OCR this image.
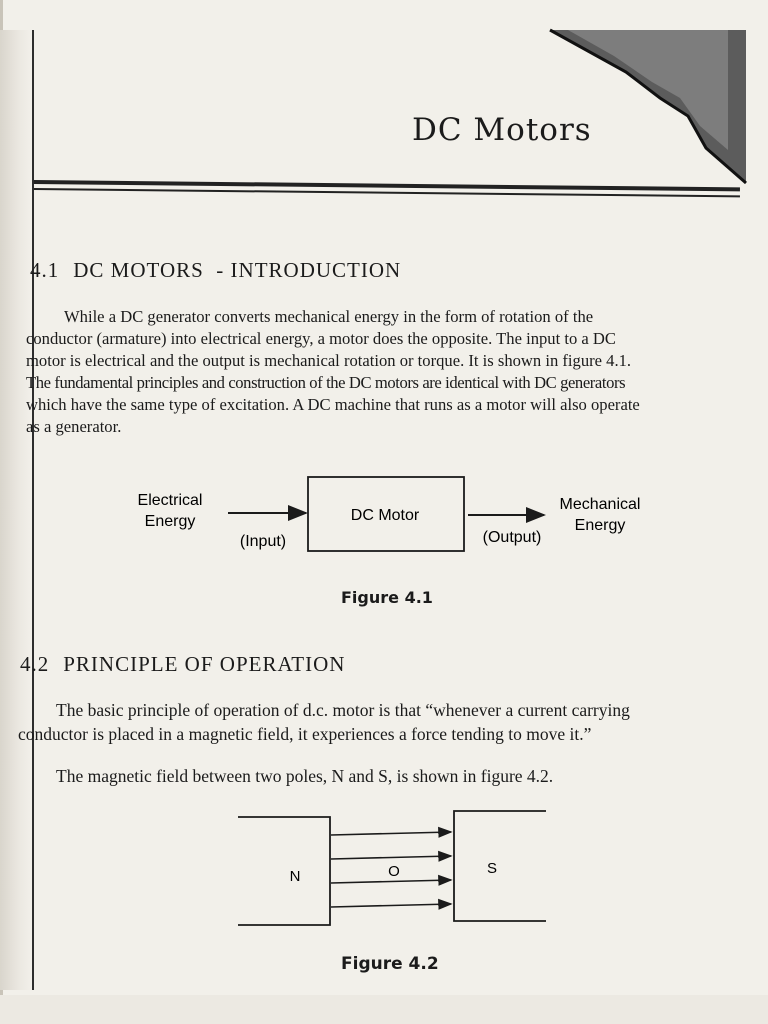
DC Motors
4.1 DC MOTORS  - INTRODUCTION

While a DC generator converts mechanical energy in the form of rotation of the

conductor (armature) into electrical energy, a motor does the opposite. The input to a DC

motor is electrical and the output is mechanical rotation or torque. It is shown in figure 4.1.

The fundamental principles and construction of the DC motors are identical with DC generators

which have the same type of excitation. A DC machine that runs as a motor will also operate

as a generator.

Electrical
Energy
(Input)
DC Motor
(Output)
Mechanical
Energy
Figure 4.1
4.2 PRINCIPLE OF OPERATION

The basic principle of operation of d.c. motor is that “whenever a current carrying

conductor is placed in a magnetic field, it experiences a force tending to move it.”

The magnetic field between two poles, N and S, is shown in figure 4.2.

N	S
O
Figure 4.2
